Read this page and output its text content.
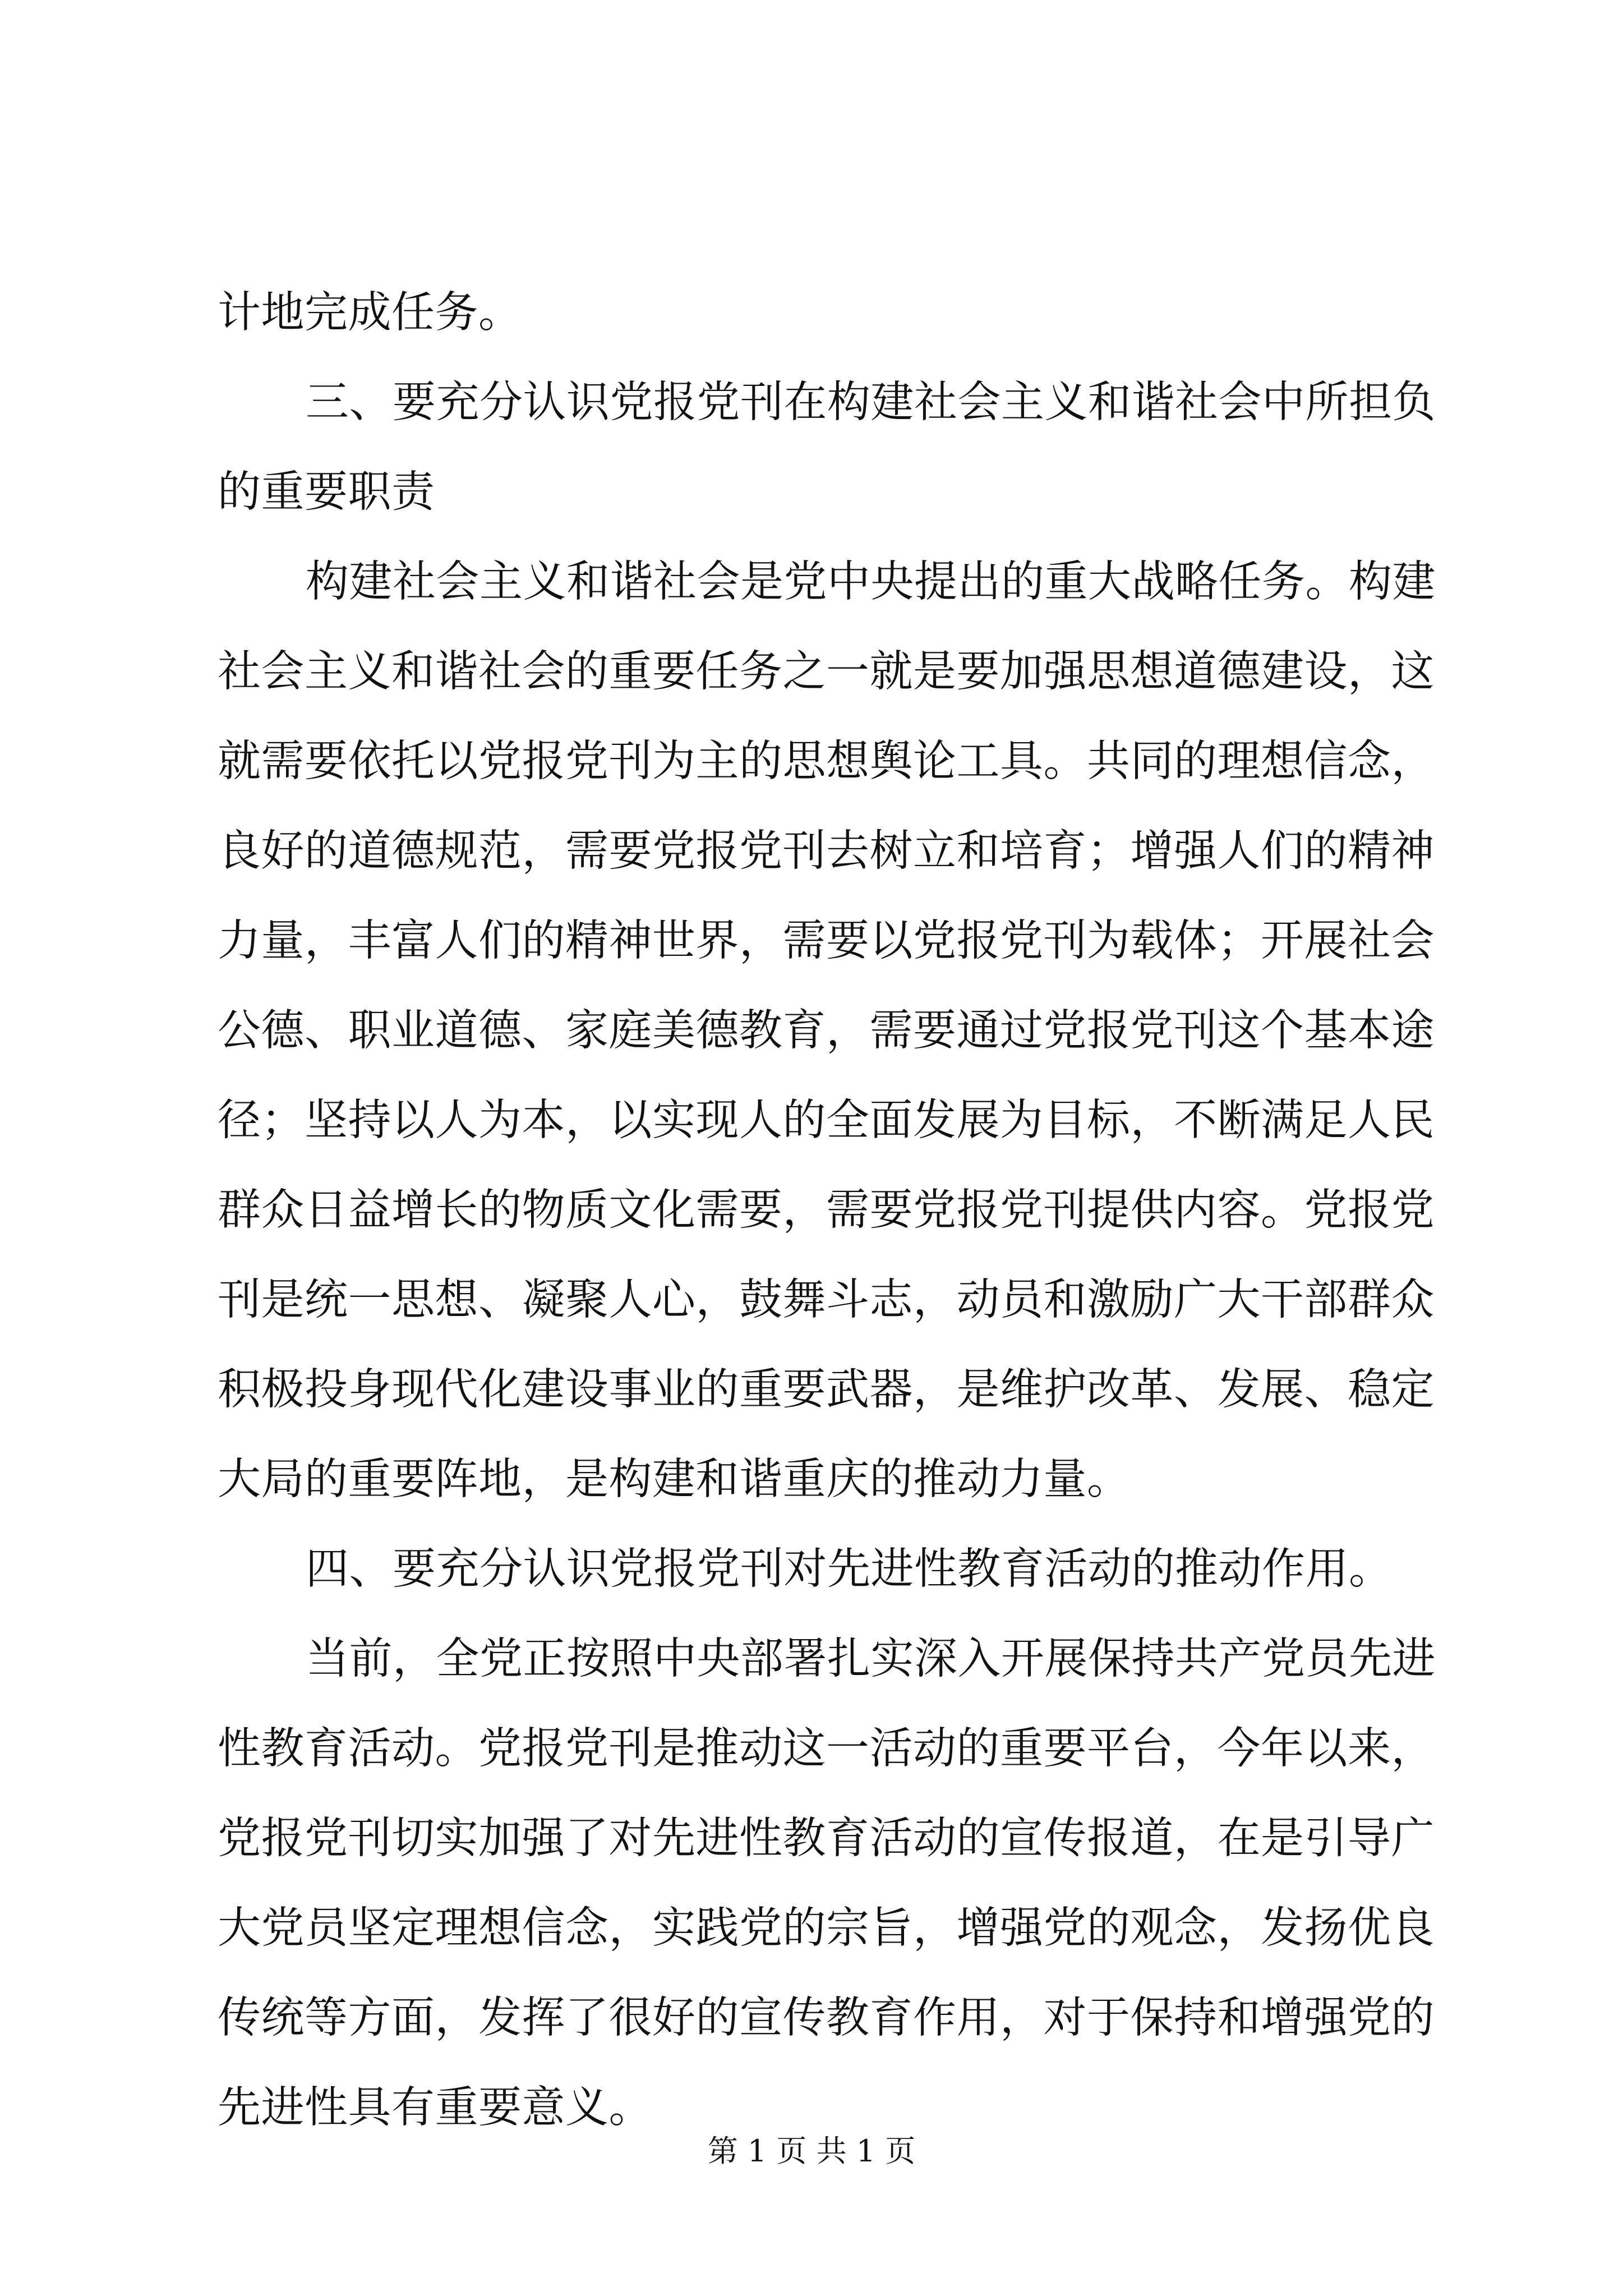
计地完成任务。

三、要充分认识党报党刊在构建社会主义和谐社会中所担负

的重要职责

构建社会主义和谐社会是党中央提出的重大战略任务。构建

社会主义和谐社会的重要任务之一就是要加强思想道德建设，这

就需要依托以党报党刊为主的思想舆论工具。共同的理想信念，

良好的道德规范，需要党报党刊去树立和培育；增强人们的精神

力量，丰富人们的精神世界，需要以党报党刊为载体；开展社会

公德、职业道德、家庭美德教育，需要通过党报党刊这个基本途

径；坚持以人为本，以实现人的全面发展为目标，不断满足人民

群众日益增长的物质文化需要，需要党报党刊提供内容。党报党

刊是统一思想、凝聚人心，鼓舞斗志，动员和激励广大干部群众

积极投身现代化建设事业的重要武器，是维护改革、发展、稳定

大局的重要阵地，是构建和谐重庆的推动力量。

四、要充分认识党报党刊对先进性教育活动的推动作用。

当前，全党正按照中央部署扎实深入开展保持共产党员先进

性教育活动。党报党刊是推动这一活动的重要平台，今年以来，

党报党刊切实加强了对先进性教育活动的宣传报道，在是引导广

大党员坚定理想信念，实践党的宗旨，增强党的观念，发扬优良

传统等方面，发挥了很好的宣传教育作用，对于保持和增强党的

先进性具有重要意义。

第 1 页 共 1 页
